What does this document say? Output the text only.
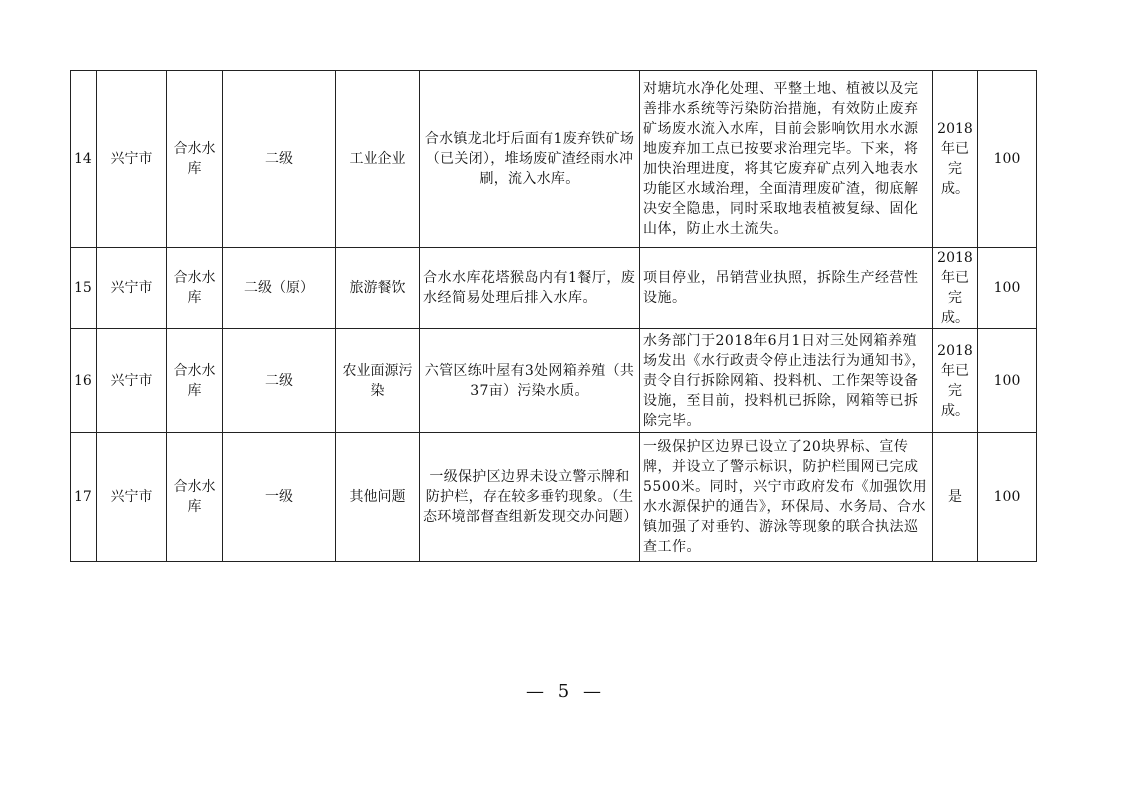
14	兴宁市	合水水库	二级	工业企业	合水镇龙北圩后面有1废弃铁矿场（已关闭），堆场废矿渣经雨水冲刷，流入水库。	对塘坑水净化处理、平整土地、植被以及完善排水系统等污染防治措施，有效防止废弃矿场废水流入水库，目前会影响饮用水水源地废弃加工点已按要求治理完毕。下来，将加快治理进度，将其它废弃矿点列入地表水功能区水域治理，全面清理废矿渣，彻底解决安全隐患，同时采取地表植被复绿、固化山体，防止水土流失。	2018年已完成。	100
15	兴宁市	合水水库	二级（原）	旅游餐饮	合水水库花塔猴岛内有1餐厅，废水经简易处理后排入水库。	项目停业，吊销营业执照，拆除生产经营性设施。	2018年已完成。	100
16	兴宁市	合水水库	二级	农业面源污染	六管区练叶屋有3处网箱养殖（共37亩）污染水质。	水务部门于2018年6月1日对三处网箱养殖场发出《水行政责令停止违法行为通知书》，责令自行拆除网箱、投料机、工作架等设备设施，至目前，投料机已拆除，网箱等已拆除完毕。	2018年已完成。	100
17	兴宁市	合水水库	一级	其他问题	一级保护区边界未设立警示牌和防护栏，存在较多垂钓现象。（生态环境部督查组新发现交办问题）	一级保护区边界已设立了20块界标、宣传牌，并设立了警示标识，防护栏围网已完成5500米。同时，兴宁市政府发布《加强饮用水水源保护的通告》，环保局、水务局、合水镇加强了对垂钓、游泳等现象的联合执法巡查工作。	是	100
— 5 —
